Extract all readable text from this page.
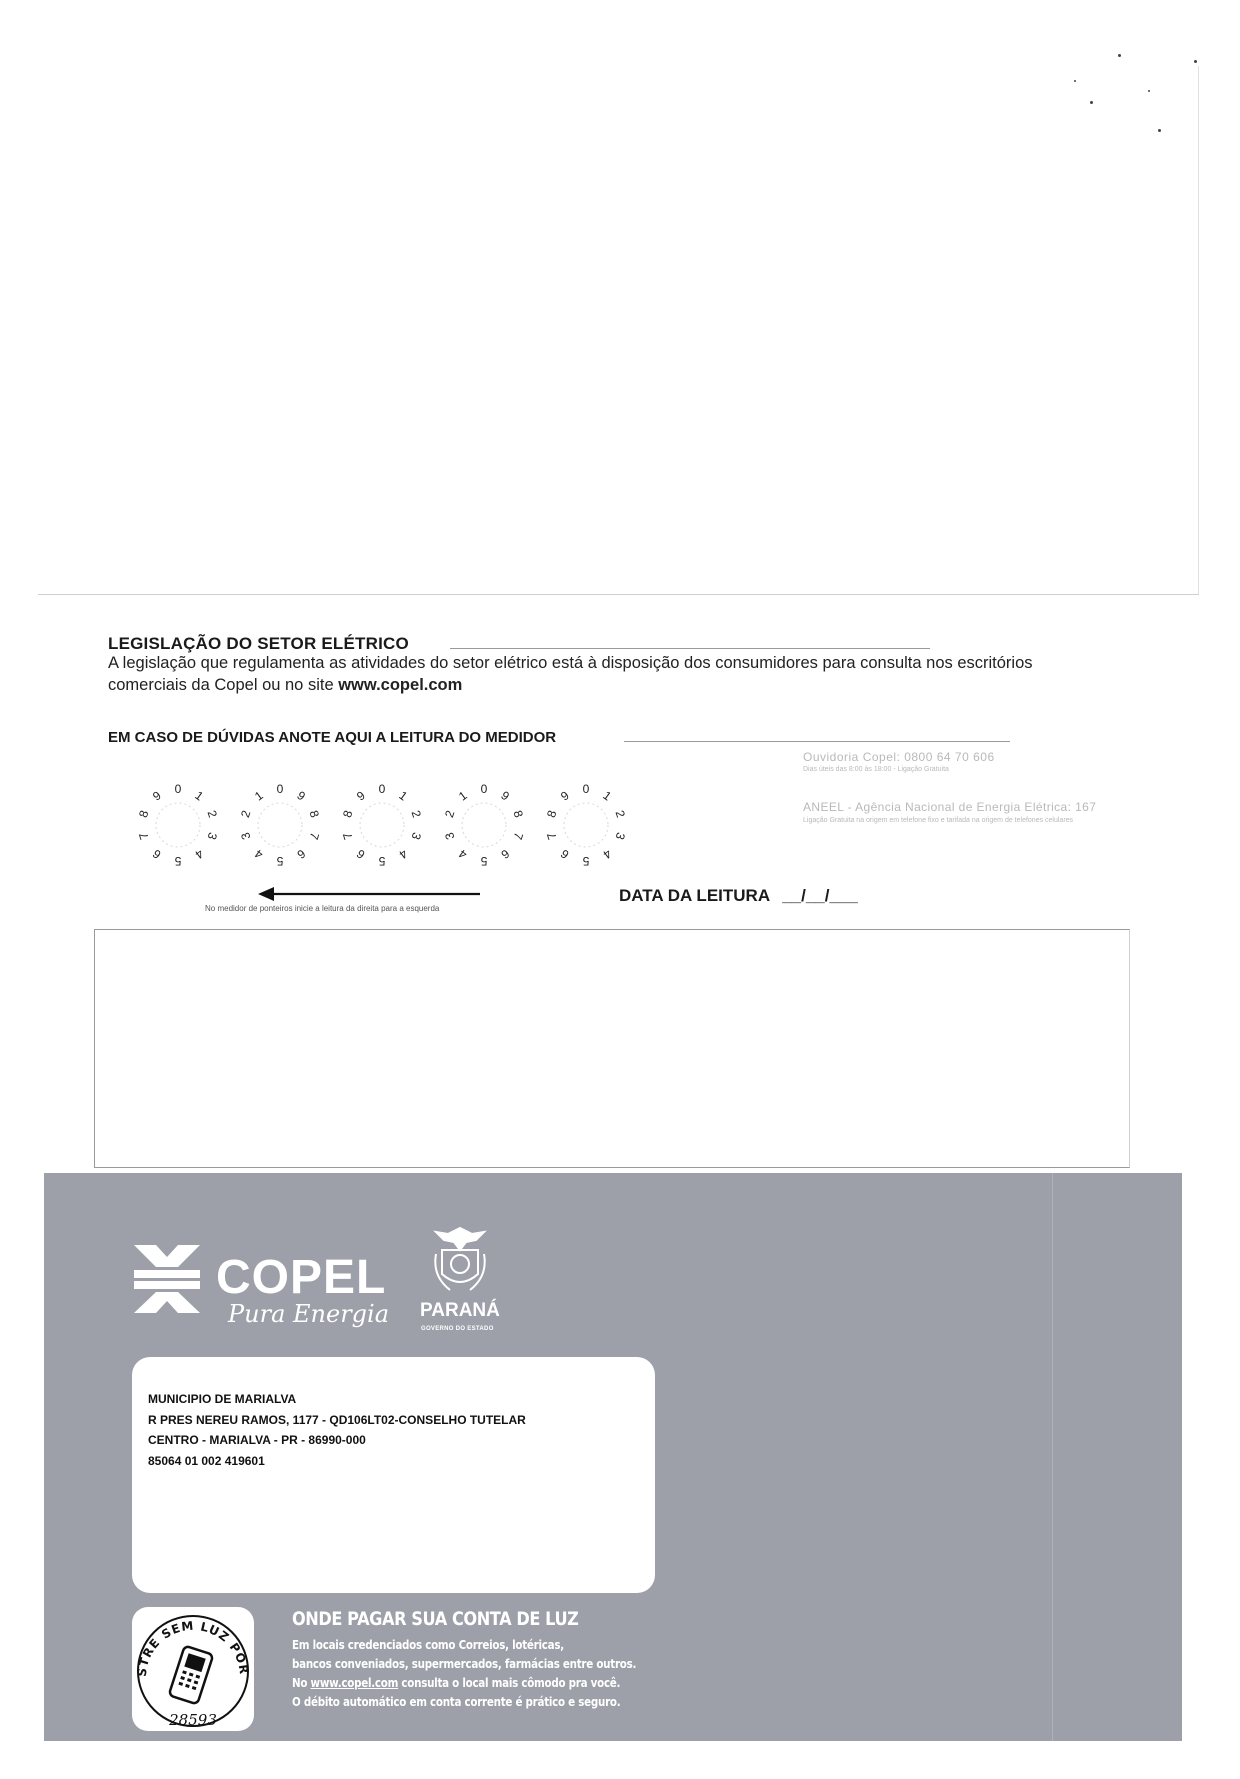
LEGISLAÇÃO DO SETOR ELÉTRICO
A legislação que regulamenta as atividades do setor elétrico está à disposição dos consumidores para consulta nos escritórios comerciais da Copel ou no site www.copel.com
EM CASO DE DÚVIDAS ANOTE AQUI A LEITURA DO MEDIDOR
0 1
2
3
4
5
6
7
8
9	0
1
2
3
4 5 6
7
8
9	0 1
2
3
4
5
6
7
8
9	0
1
2
3
4 5 6
7
8
9	0 1
2
3
4
5
6
7
8
9
No medidor de ponteiros inicie a leitura da direita para a esquerda
DATA DA LEITURA __/__/___
Ouvidoria Copel: 0800 64 70 606
Dias úteis das 8:00 às 18:00 - Ligação Gratuita
ANEEL - Agência Nacional de Energia Elétrica: 167
Ligação Gratuita na origem em telefone fixo e tarifada na origem de telefones celulares
COPEL
Pura Energia PARANÁ
GOVERNO DO ESTADO
MUNICIPIO DE MARIALVA
R PRES NEREU RAMOS, 1177 - QD106LT02-CONSELHO TUTELAR
CENTRO - MARIALVA - PR - 86990-000
85064 01 002 419601
STRE SEM LUZ POR
28593
ONDE PAGAR SUA CONTA DE LUZ
Em locais credenciados como Correios, lotéricas,
bancos conveniados, supermercados, farmácias entre outros.
No www.copel.com consulta o local mais cômodo pra você.
O débito automático em conta corrente é prático e seguro.
